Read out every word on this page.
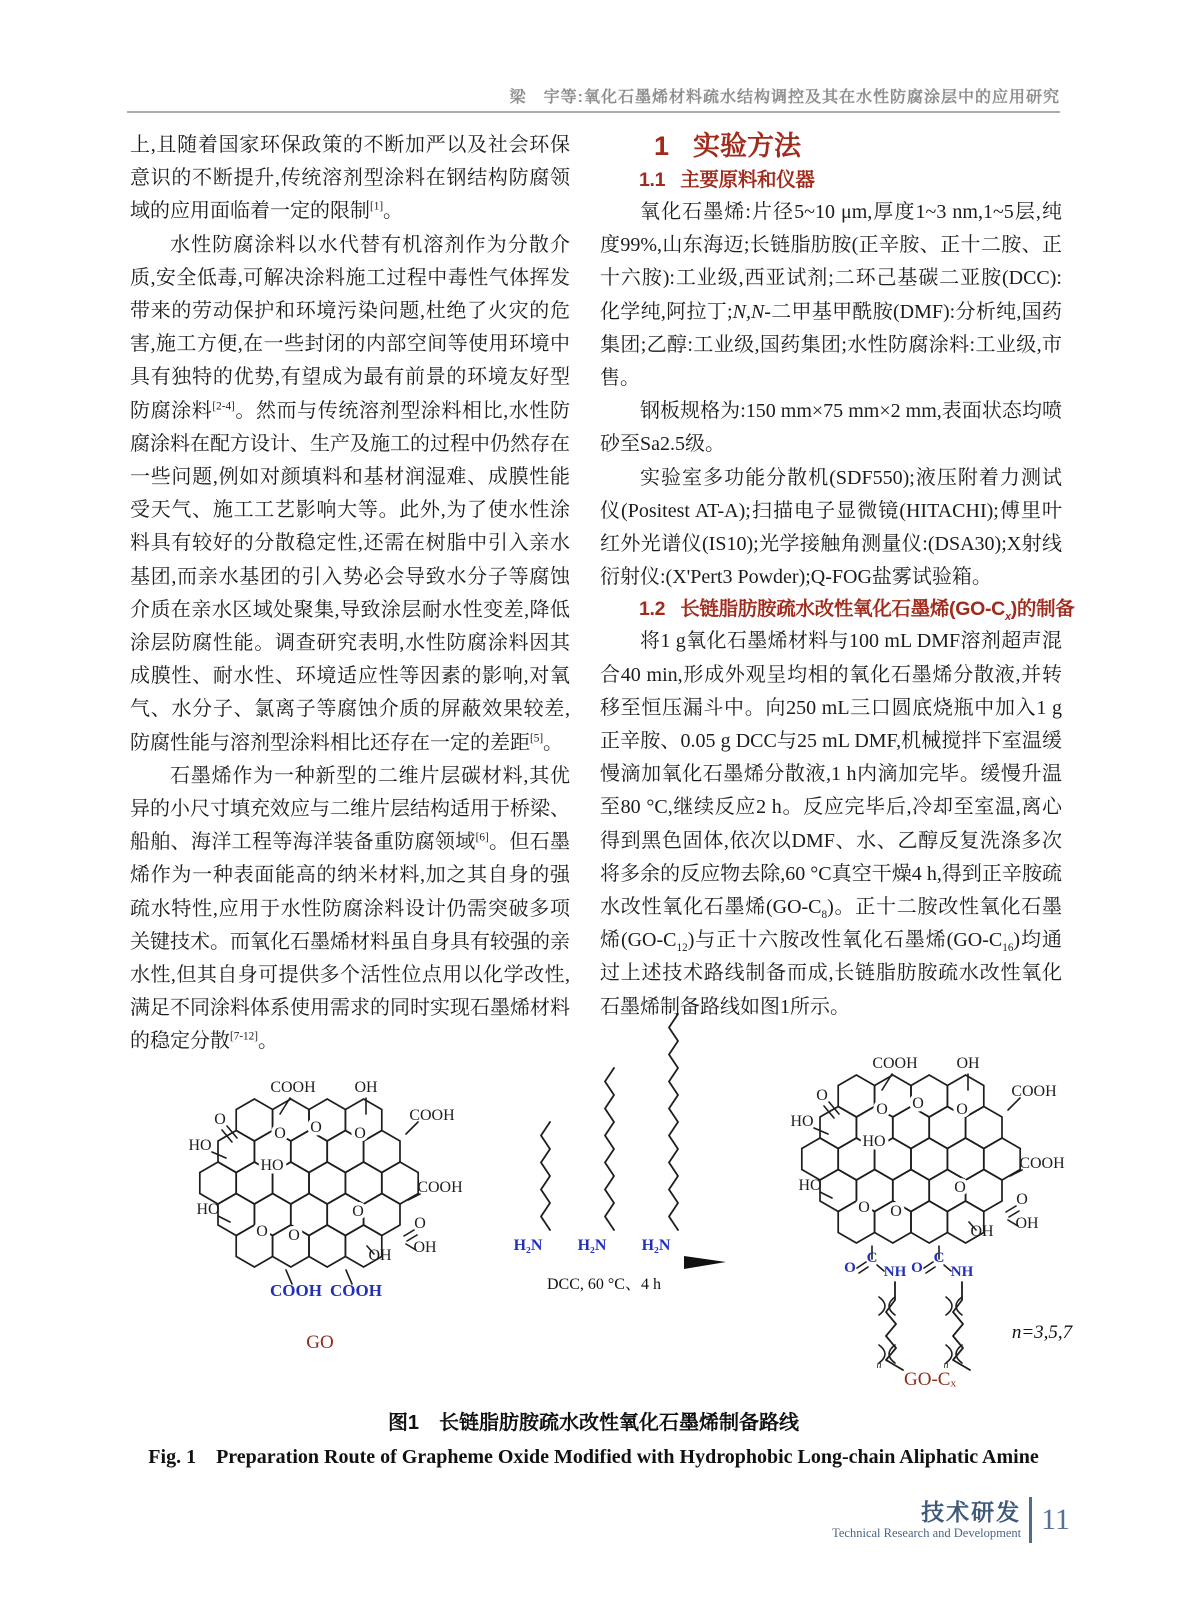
梁　宇等:氧化石墨烯材料疏水结构调控及其在水性防腐涂层中的应用研究

上,且随着国家环保政策的不断加严以及社会环保意识的不断提升,传统溶剂型涂料在钢结构防腐领域的应用面临着一定的限制[1]。

水性防腐涂料以水代替有机溶剂作为分散介质,安全低毒,可解决涂料施工过程中毒性气体挥发带来的劳动保护和环境污染问题,杜绝了火灾的危害,施工方便,在一些封闭的内部空间等使用环境中具有独特的优势,有望成为最有前景的环境友好型防腐涂料[2-4]。然而与传统溶剂型涂料相比,水性防腐涂料在配方设计、生产及施工的过程中仍然存在一些问题,例如对颜填料和基材润湿难、成膜性能受天气、施工工艺影响大等。此外,为了使水性涂料具有较好的分散稳定性,还需在树脂中引入亲水基团,而亲水基团的引入势必会导致水分子等腐蚀介质在亲水区域处聚集,导致涂层耐水性变差,降低涂层防腐性能。调查研究表明,水性防腐涂料因其成膜性、耐水性、环境适应性等因素的影响,对氧气、水分子、氯离子等腐蚀介质的屏蔽效果较差,防腐性能与溶剂型涂料相比还存在一定的差距[5]。

石墨烯作为一种新型的二维片层碳材料,其优异的小尺寸填充效应与二维片层结构适用于桥梁、船舶、海洋工程等海洋装备重防腐领域[6]。但石墨烯作为一种表面能高的纳米材料,加之其自身的强疏水特性,应用于水性防腐涂料设计仍需突破多项关键技术。而氧化石墨烯材料虽自身具有较强的亲水性,但其自身可提供多个活性位点用以化学改性,满足不同涂料体系使用需求的同时实现石墨烯材料的稳定分散[7-12]。

1 实验方法

1.1 主要原料和仪器

氧化石墨烯:片径5~10 μm,厚度1~3 nm,1~5层,纯度99%,山东海迈;长链脂肪胺(正辛胺、正十二胺、正十六胺):工业级,西亚试剂;二环己基碳二亚胺(DCC):化学纯,阿拉丁;N,N-二甲基甲酰胺(DMF):分析纯,国药集团;乙醇:工业级,国药集团;水性防腐涂料:工业级,市售。

钢板规格为:150 mm×75 mm×2 mm,表面状态均喷砂至Sa2.5级。

实验室多功能分散机(SDF550);液压附着力测试仪(Positest AT-A);扫描电子显微镜(HITACHI);傅里叶红外光谱仪(IS10);光学接触角测量仪:(DSA30);X射线衍射仪:(X'Pert3 Powder);Q-FOG盐雾试验箱。

1.2 长链脂肪胺疏水改性氧化石墨烯$(GO-C_x)$的制备

将1 g氧化石墨烯材料与100 mL DMF溶剂超声混合40 min,形成外观呈均相的氧化石墨烯分散液,并转移至恒压漏斗中。向250 mL三口圆底烧瓶中加入1 g正辛胺、0.05 g DCC与25 mL DMF,机械搅拌下室温缓慢滴加氧化石墨烯分散液,1 h内滴加完毕。缓慢升温至80 °C,继续反应2 h。反应完毕后,冷却至室温,离心得到黑色固体,依次以DMF、水、乙醇反复洗涤多次将多余的反应物去除,60 °C真空干燥4 h,得到正辛胺疏水改性氧化石墨烯$(GO-C_8)$。正十二胺改性氧化石墨烯$(GO-C_{12})$与正十六胺改性氧化石墨烯$(GO-C_{16})$均通过上述技术路线制备而成,长链脂肪胺疏水改性氧化石墨烯制备路线如图1所示。

COOH OH
COOH
O
HO
COOH
HO
O
OH
OH
O O O
HO
O
O O
COOH COOH
GO
H₂N H₂N H₂N
DCC, 60 °C、4 h
COOH OH
COOH
O
HO
COOH
HO
O
OH
OH
O O O
HO
O
O O
O
C
NH
n
O
C
NH
n
n=3,5,7
GO-Cₓ
图1　长链脂肪胺疏水改性氧化石墨烯制备路线
Fig. 1　Preparation Route of Grapheme Oxide Modified with Hydrophobic Long-chain Aliphatic Amine
技术研发
Technical Research and Development 11
